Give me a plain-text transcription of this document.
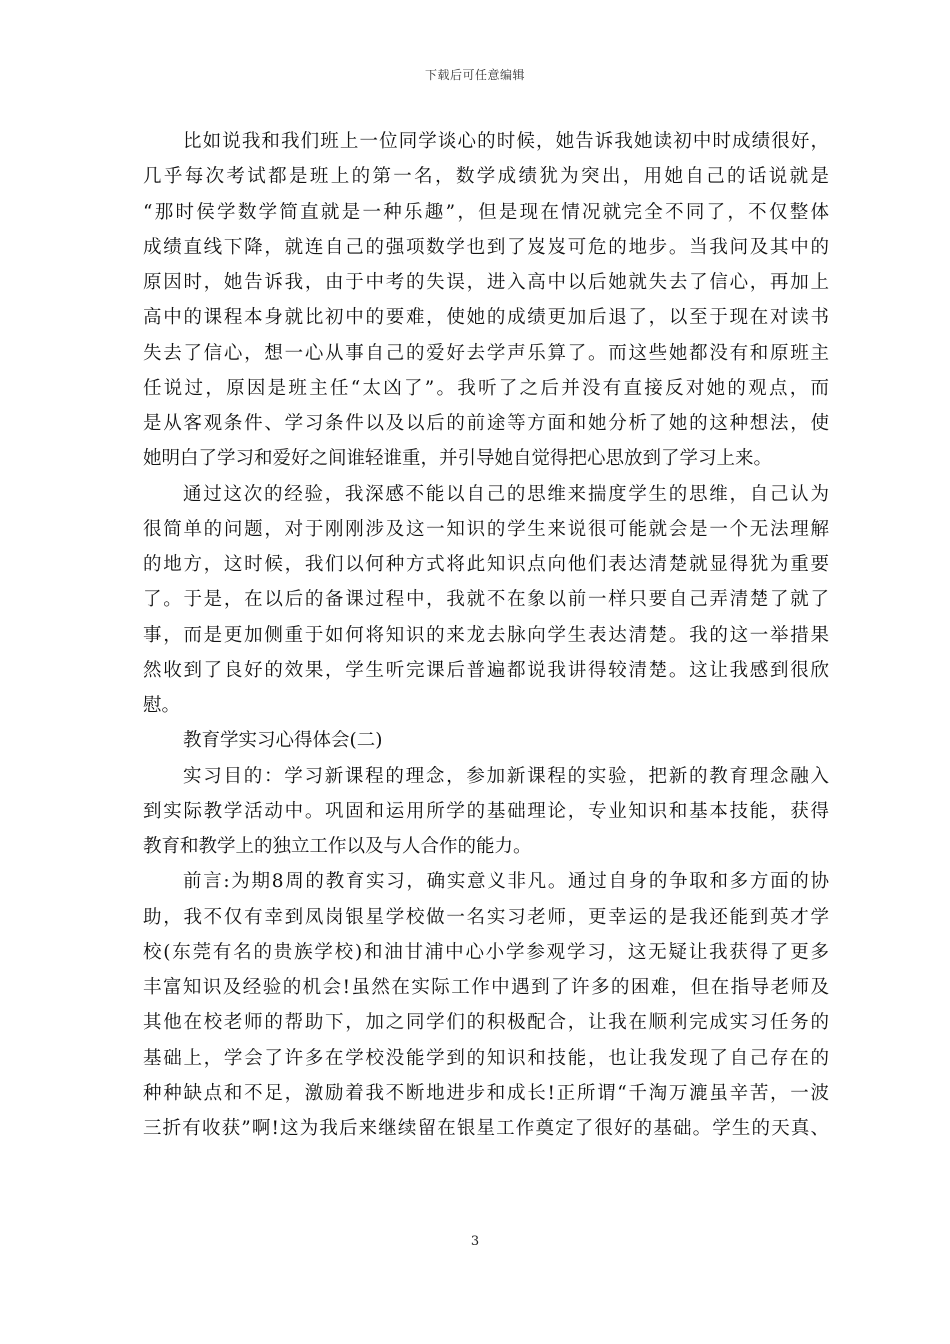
下载后可任意编辑
比如说我和我们班上一位同学谈心的时候，她告诉我她读初中时成绩很好，
几乎每次考试都是班上的第一名，数学成绩犹为突出，用她自己的话说就是
“那时侯学数学简直就是一种乐趣”，但是现在情况就完全不同了，不仅整体
成绩直线下降，就连自己的强项数学也到了岌岌可危的地步。当我问及其中的
原因时，她告诉我，由于中考的失误，进入高中以后她就失去了信心，再加上
高中的课程本身就比初中的要难，使她的成绩更加后退了，以至于现在对读书
失去了信心，想一心从事自己的爱好去学声乐算了。而这些她都没有和原班主
任说过，原因是班主任“太凶了”。我听了之后并没有直接反对她的观点，而
是从客观条件、学习条件以及以后的前途等方面和她分析了她的这种想法，使
她明白了学习和爱好之间谁轻谁重，并引导她自觉得把心思放到了学习上来。
通过这次的经验，我深感不能以自己的思维来揣度学生的思维，自己认为
很简单的问题，对于刚刚涉及这一知识的学生来说很可能就会是一个无法理解
的地方，这时候，我们以何种方式将此知识点向他们表达清楚就显得犹为重要
了。于是，在以后的备课过程中，我就不在象以前一样只要自己弄清楚了就了
事，而是更加侧重于如何将知识的来龙去脉向学生表达清楚。我的这一举措果
然收到了良好的效果，学生听完课后普遍都说我讲得较清楚。这让我感到很欣
慰。
教育学实习心得体会(二)
实习目的：学习新课程的理念，参加新课程的实验，把新的教育理念融入
到实际教学活动中。巩固和运用所学的基础理论，专业知识和基本技能，获得
教育和教学上的独立工作以及与人合作的能力。
前言:为期8周的教育实习，确实意义非凡。通过自身的争取和多方面的协
助，我不仅有幸到凤岗银星学校做一名实习老师，更幸运的是我还能到英才学
校(东莞有名的贵族学校)和油甘浦中心小学参观学习，这无疑让我获得了更多
丰富知识及经验的机会!虽然在实际工作中遇到了许多的困难，但在指导老师及
其他在校老师的帮助下，加之同学们的积极配合，让我在顺利完成实习任务的
基础上，学会了许多在学校没能学到的知识和技能，也让我发现了自己存在的
种种缺点和不足，激励着我不断地进步和成长!正所谓“千淘万漉虽辛苦，一波
三折有收获”啊!这为我后来继续留在银星工作奠定了很好的基础。学生的天真、
3
